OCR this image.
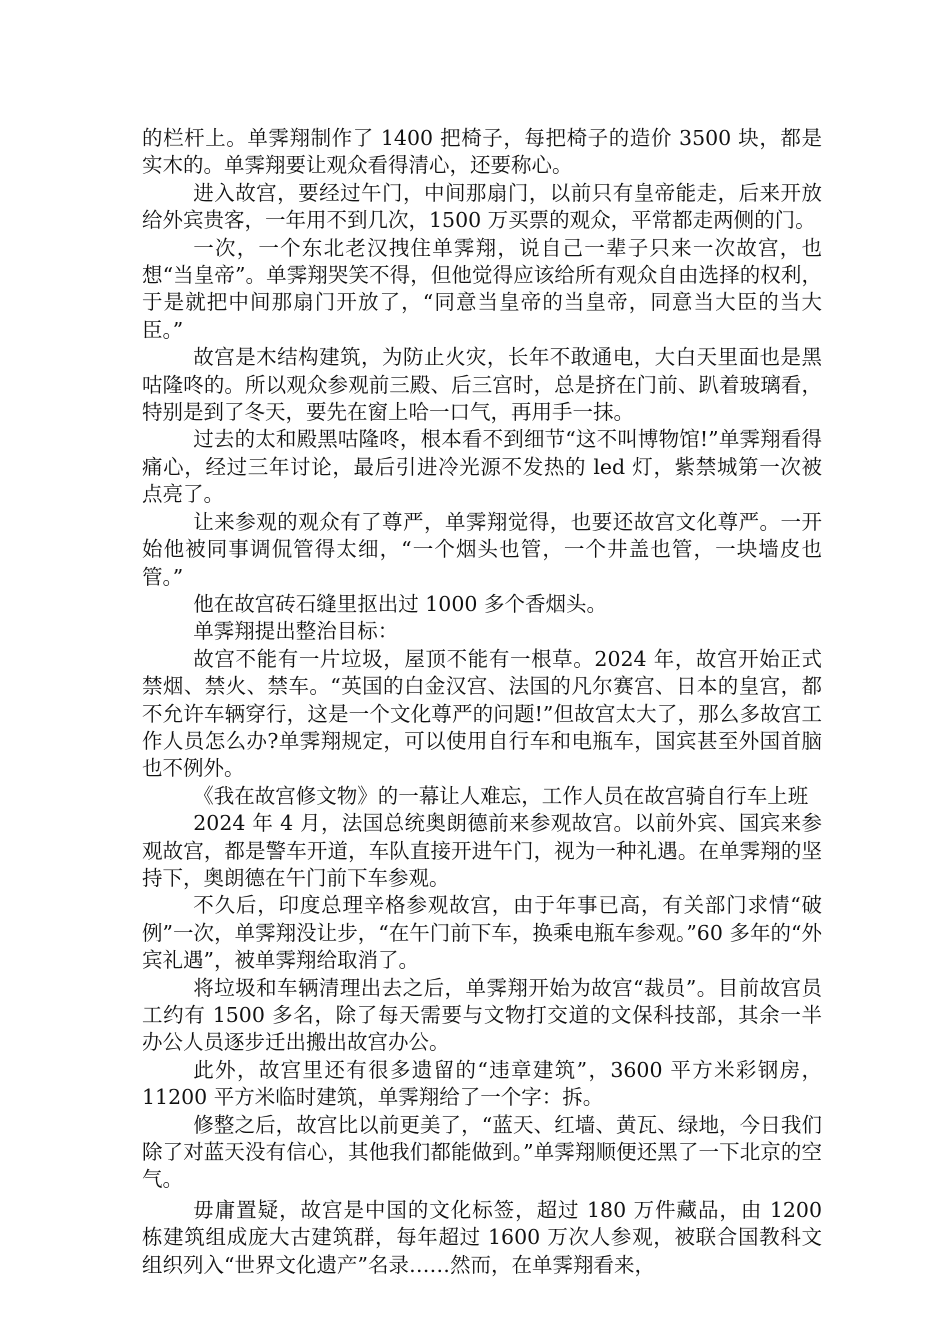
的栏杆上。单霁翔制作了 1400 把椅子，每把椅子的造价 3500 块，都是实木的。单霁翔要让观众看得清心，还要称心。

进入故宫，要经过午门，中间那扇门，以前只有皇帝能走，后来开放给外宾贵客，一年用不到几次，1500 万买票的观众，平常都走两侧的门。

一次，一个东北老汉拽住单霁翔，说自己一辈子只来一次故宫，也想“当皇帝”。单霁翔哭笑不得，但他觉得应该给所有观众自由选择的权利，于是就把中间那扇门开放了，“同意当皇帝的当皇帝，同意当大臣的当大臣。”

故宫是木结构建筑，为防止火灾，长年不敢通电，大白天里面也是黑咕隆咚的。所以观众参观前三殿、后三宫时，总是挤在门前、趴着玻璃看，特别是到了冬天，要先在窗上哈一口气，再用手一抹。

过去的太和殿黑咕隆咚，根本看不到细节“这不叫博物馆!”单霁翔看得痛心，经过三年讨论，最后引进冷光源不发热的 led 灯，紫禁城第一次被点亮了。

让来参观的观众有了尊严，单霁翔觉得，也要还故宫文化尊严。一开始他被同事调侃管得太细，“一个烟头也管，一个井盖也管，一块墙皮也管。”

他在故宫砖石缝里抠出过 1000 多个香烟头。

单霁翔提出整治目标：

故宫不能有一片垃圾，屋顶不能有一根草。2024 年，故宫开始正式禁烟、禁火、禁车。“英国的白金汉宫、法国的凡尔赛宫、日本的皇宫，都不允许车辆穿行，这是一个文化尊严的问题!”但故宫太大了，那么多故宫工作人员怎么办?单霁翔规定，可以使用自行车和电瓶车，国宾甚至外国首脑也不例外。

《我在故宫修文物》的一幕让人难忘，工作人员在故宫骑自行车上班

2024 年 4 月，法国总统奥朗德前来参观故宫。以前外宾、国宾来参观故宫，都是警车开道，车队直接开进午门，视为一种礼遇。在单霁翔的坚持下，奥朗德在午门前下车参观。

不久后，印度总理辛格参观故宫，由于年事已高，有关部门求情“破例”一次，单霁翔没让步，“在午门前下车，换乘电瓶车参观。”60 多年的“外宾礼遇”，被单霁翔给取消了。

将垃圾和车辆清理出去之后，单霁翔开始为故宫“裁员”。目前故宫员工约有 1500 多名，除了每天需要与文物打交道的文保科技部，其余一半办公人员逐步迁出搬出故宫办公。

此外，故宫里还有很多遗留的“违章建筑”，3600 平方米彩钢房，11200 平方米临时建筑，单霁翔给了一个字：拆。

修整之后，故宫比以前更美了，“蓝天、红墙、黄瓦、绿地，今日我们除了对蓝天没有信心，其他我们都能做到。”单霁翔顺便还黑了一下北京的空气。

毋庸置疑，故宫是中国的文化标签，超过 180 万件藏品，由 1200 栋建筑组成庞大古建筑群，每年超过 1600 万次人参观，被联合国教科文组织列入“世界文化遗产”名录……然而，在单霁翔看来，
